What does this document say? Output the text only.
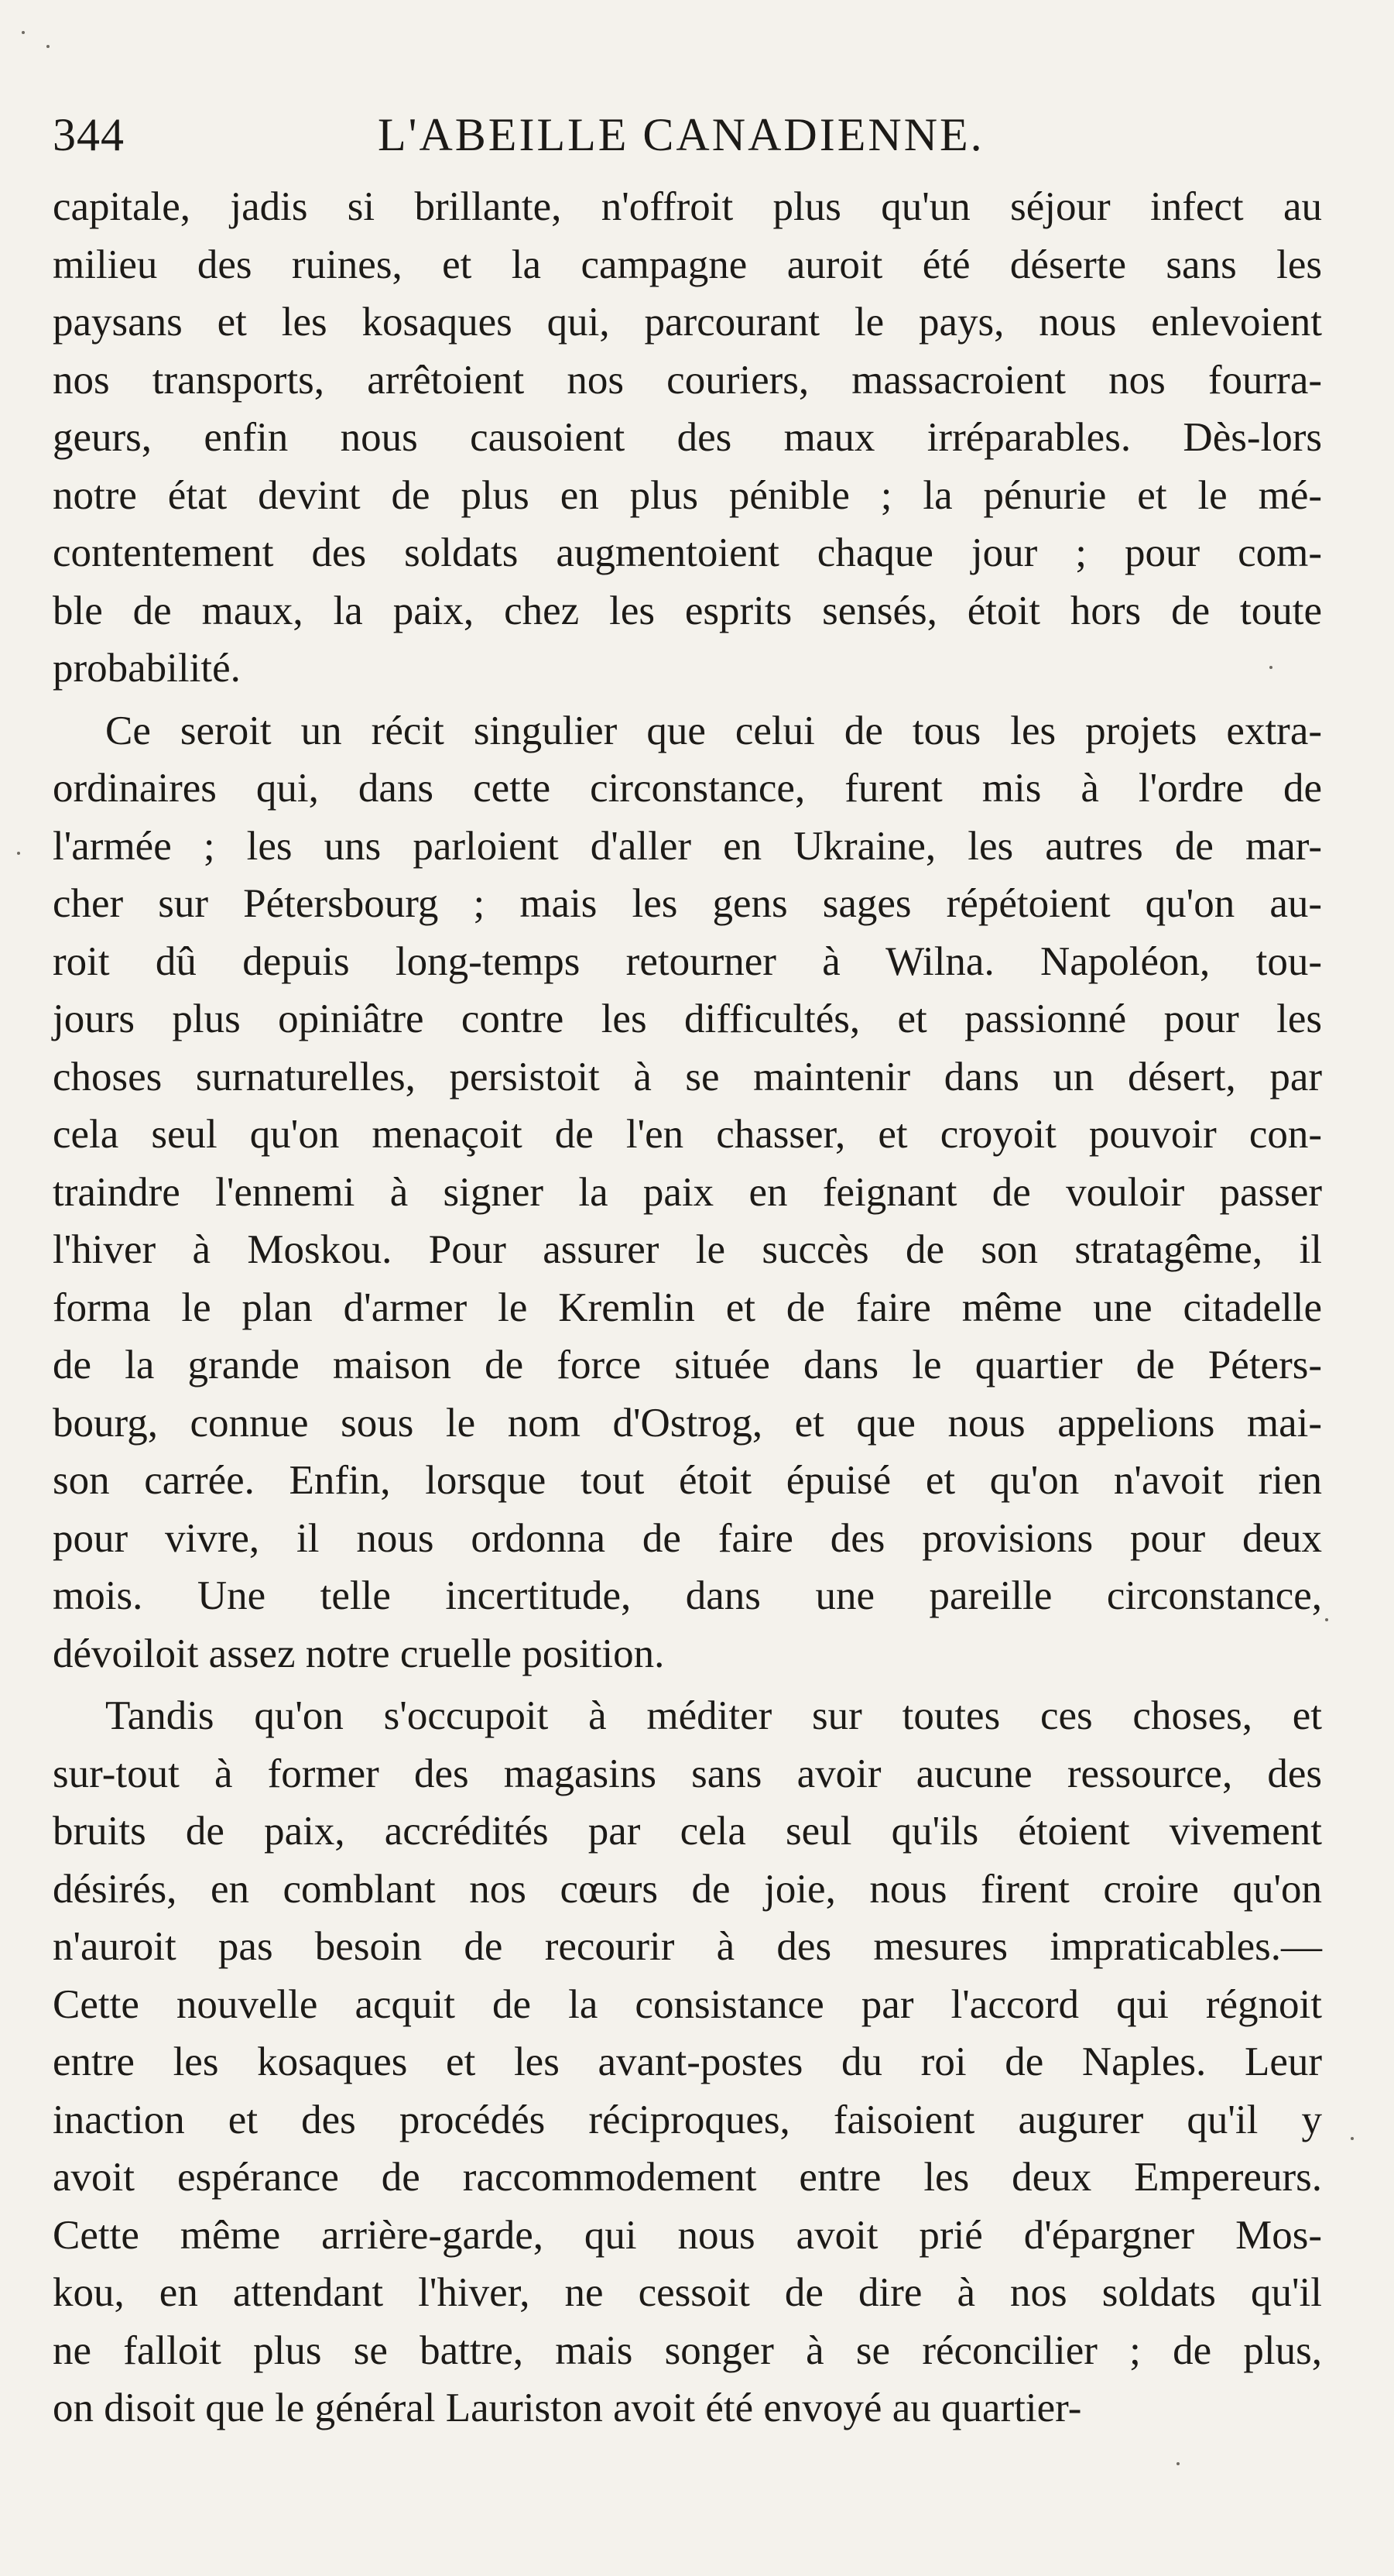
344	L'ABEILLE CANADIENNE.
capitale, jadis si brillante, n'offroit plus qu'un séjour infect au
milieu des ruines, et la campagne auroit été déserte sans les
paysans et les kosaques qui, parcourant le pays, nous enlevoient
nos transports, arrêtoient nos couriers, massacroient nos fourra-
geurs, enfin nous causoient des maux irréparables. Dès-lors
notre état devint de plus en plus pénible ; la pénurie et le mé-
contentement des soldats augmentoient chaque jour ; pour com-
ble de maux, la paix, chez les esprits sensés, étoit hors de toute
probabilité.
Ce seroit un récit singulier que celui de tous les projets extra-
ordinaires qui, dans cette circonstance, furent mis à l'ordre de
l'armée ; les uns parloient d'aller en Ukraine, les autres de mar-
cher sur Pétersbourg ; mais les gens sages répétoient qu'on au-
roit dû depuis long-temps retourner à Wilna. Napoléon, tou-
jours plus opiniâtre contre les difficultés, et passionné pour les
choses surnaturelles, persistoit à se maintenir dans un désert, par
cela seul qu'on menaçoit de l'en chasser, et croyoit pouvoir con-
traindre l'ennemi à signer la paix en feignant de vouloir passer
l'hiver à Moskou. Pour assurer le succès de son stratagême, il
forma le plan d'armer le Kremlin et de faire même une citadelle
de la grande maison de force située dans le quartier de Péters-
bourg, connue sous le nom d'Ostrog, et que nous appelions mai-
son carrée. Enfin, lorsque tout étoit épuisé et qu'on n'avoit rien
pour vivre, il nous ordonna de faire des provisions pour deux
mois. Une telle incertitude, dans une pareille circonstance,
dévoiloit assez notre cruelle position.
Tandis qu'on s'occupoit à méditer sur toutes ces choses, et
sur-tout à former des magasins sans avoir aucune ressource, des
bruits de paix, accrédités par cela seul qu'ils étoient vivement
désirés, en comblant nos cœurs de joie, nous firent croire qu'on
n'auroit pas besoin de recourir à des mesures impraticables.—
Cette nouvelle acquit de la consistance par l'accord qui régnoit
entre les kosaques et les avant-postes du roi de Naples. Leur
inaction et des procédés réciproques, faisoient augurer qu'il y
avoit espérance de raccommodement entre les deux Empereurs.
Cette même arrière-garde, qui nous avoit prié d'épargner Mos-
kou, en attendant l'hiver, ne cessoit de dire à nos soldats qu'il
ne falloit plus se battre, mais songer à se réconcilier ; de plus,
on disoit que le général Lauriston avoit été envoyé au quartier-
